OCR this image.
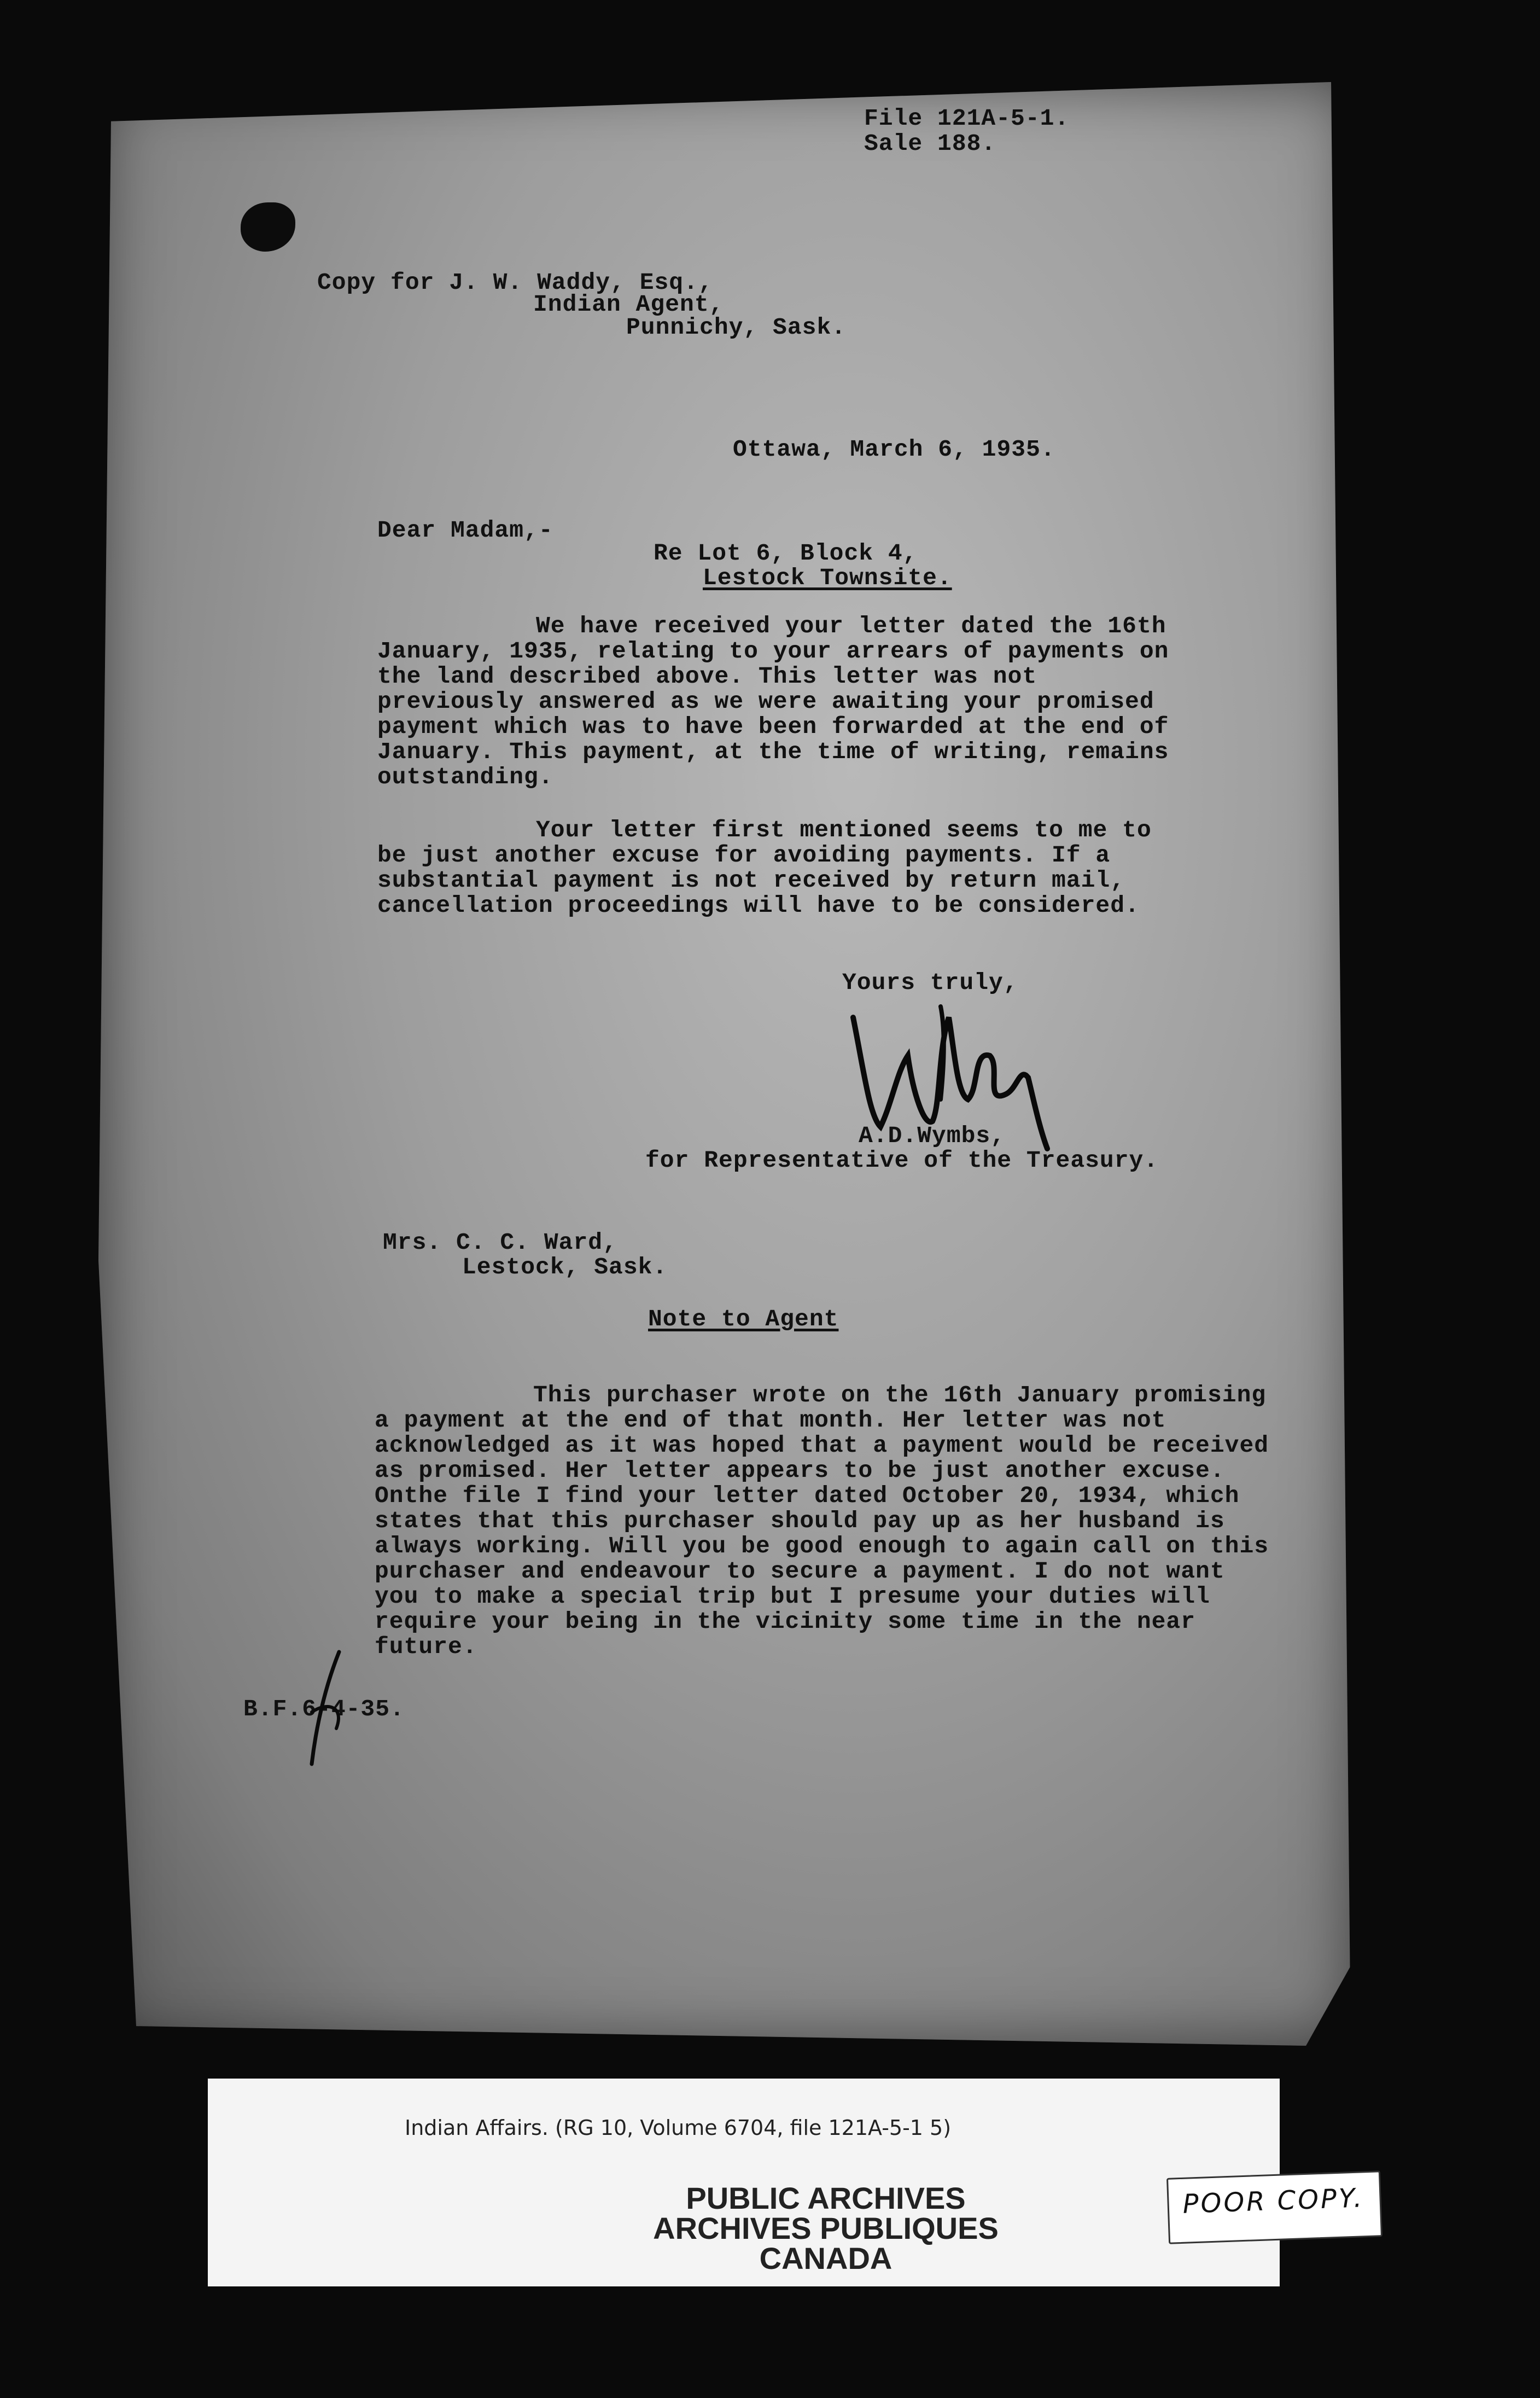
File 121A-5-1.
Sale 188.
Copy for J. W. Waddy, Esq.,
Indian Agent,
Punnichy, Sask.
Ottawa, March 6, 1935.
Dear Madam,-
Re Lot 6, Block 4,
Lestock Townsite.
We have received your letter dated the 16th January, 1935, relating to your arrears of payments on the land described above. This letter was not previously answered as we were awaiting your promised payment which was to have been forwarded at the end of January. This payment, at the time of writing, remains outstanding.
Your letter first mentioned seems to me to be just another excuse for avoiding payments. If a substantial payment is not received by return mail, cancellation proceedings will have to be considered.
Yours truly,
A.D.Wymbs,
for Representative of the Treasury.
Mrs. C. C. Ward,
Lestock, Sask.
Note to Agent
This purchaser wrote on the 16th January promising a payment at the end of that month. Her letter was not acknowledged as it was hoped that a payment would be received as promised. Her letter appears to be just another excuse. Onthe file I find your letter dated October 20, 1934, which states that this purchaser should pay up as her husband is always working. Will you be good enough to again call on this purchaser and endeavour to secure a payment. I do not want you to make a special trip but I presume your duties will require your being in the vicinity some time in the near future.
B.F.6-4-35.
Indian Affairs. (RG 10, Volume 6704, file 121A-5-1 5)
PUBLIC ARCHIVES
ARCHIVES PUBLIQUES
CANADA
POOR COPY.
